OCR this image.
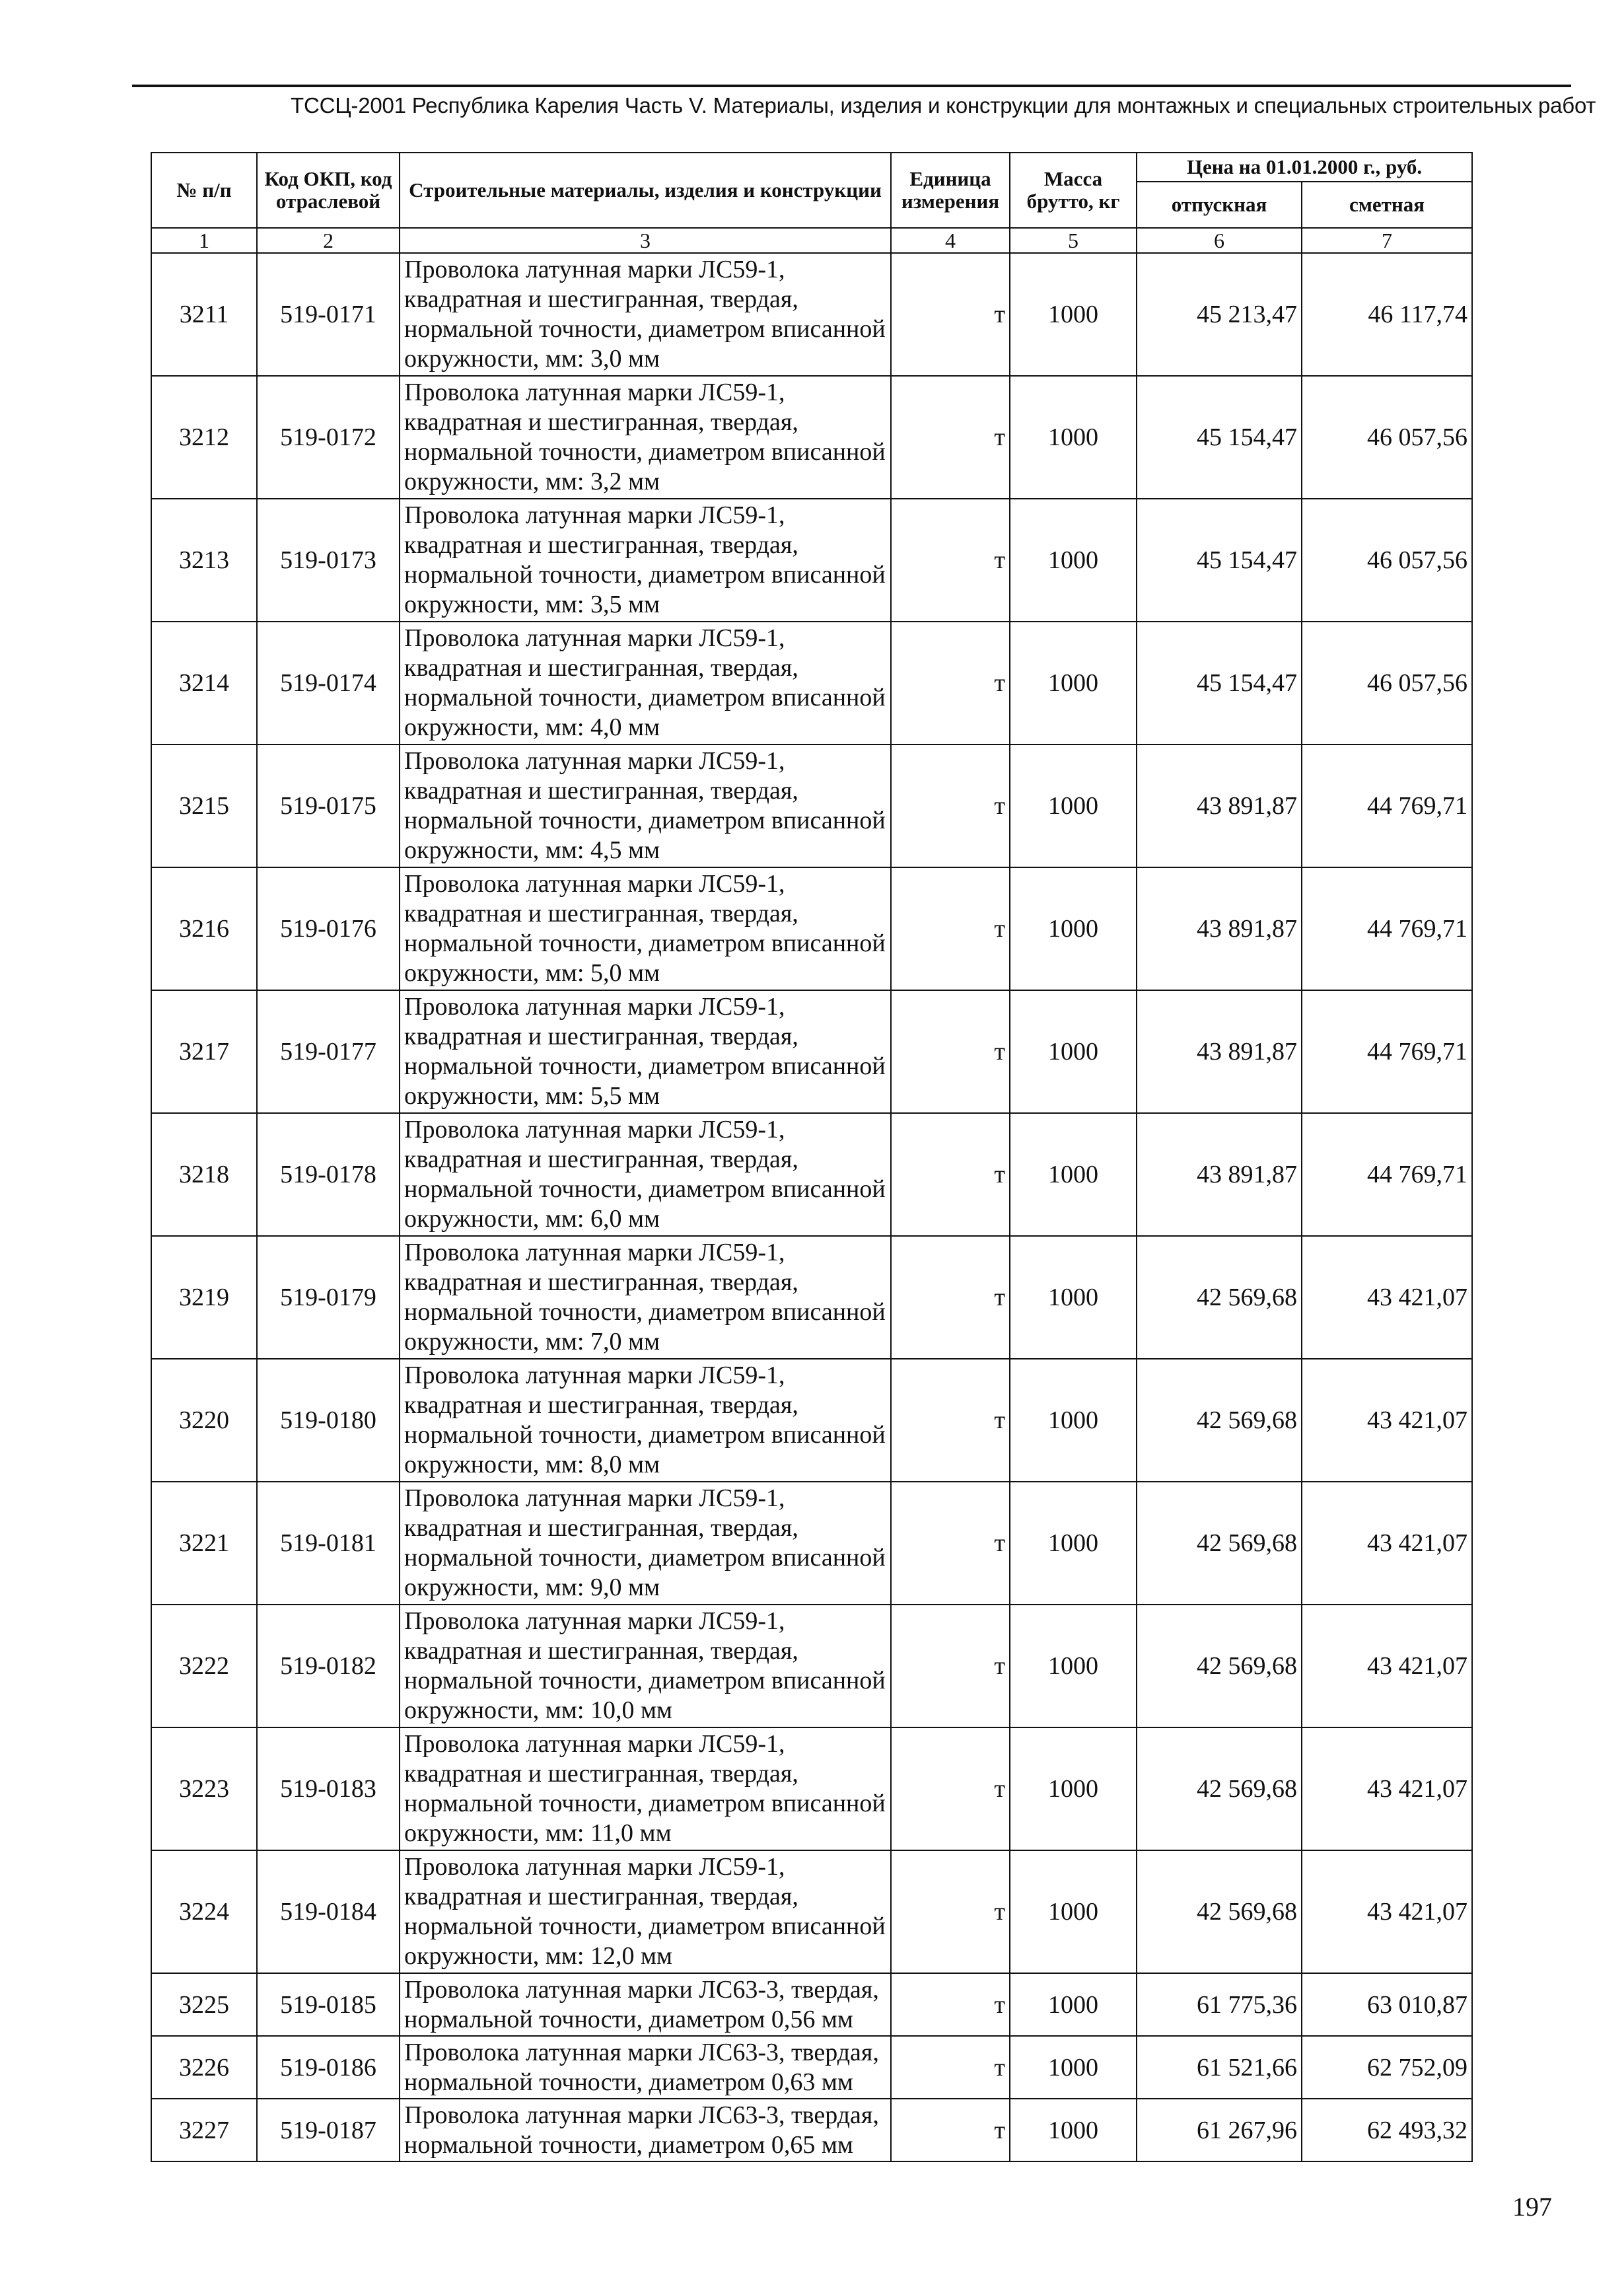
ТССЦ-2001 Республика Карелия Часть V. Материалы, изделия и конструкции для монтажных и специальных строительных работ
№ п/п	Код ОКП, код отраслевой	Строительные материалы, изделия и конструкции	Единица измерения	Масса брутто, кг	Цена на 01.01.2000 г., руб.	
					отпускная	сметная
1	2	3	4	5	6	7
3211	519-0171	Проволока латунная марки ЛС59-1, квадратная и шестигранная, твердая, нормальной точности, диаметром вписанной окружности, мм: 3,0 мм	т	1000	45 213,47	46 117,74
3212	519-0172	Проволока латунная марки ЛС59-1, квадратная и шестигранная, твердая, нормальной точности, диаметром вписанной окружности, мм: 3,2 мм	т	1000	45 154,47	46 057,56
3213	519-0173	Проволока латунная марки ЛС59-1, квадратная и шестигранная, твердая, нормальной точности, диаметром вписанной окружности, мм: 3,5 мм	т	1000	45 154,47	46 057,56
3214	519-0174	Проволока латунная марки ЛС59-1, квадратная и шестигранная, твердая, нормальной точности, диаметром вписанной окружности, мм: 4,0 мм	т	1000	45 154,47	46 057,56
3215	519-0175	Проволока латунная марки ЛС59-1, квадратная и шестигранная, твердая, нормальной точности, диаметром вписанной окружности, мм: 4,5 мм	т	1000	43 891,87	44 769,71
3216	519-0176	Проволока латунная марки ЛС59-1, квадратная и шестигранная, твердая, нормальной точности, диаметром вписанной окружности, мм: 5,0 мм	т	1000	43 891,87	44 769,71
3217	519-0177	Проволока латунная марки ЛС59-1, квадратная и шестигранная, твердая, нормальной точности, диаметром вписанной окружности, мм: 5,5 мм	т	1000	43 891,87	44 769,71
3218	519-0178	Проволока латунная марки ЛС59-1, квадратная и шестигранная, твердая, нормальной точности, диаметром вписанной окружности, мм: 6,0 мм	т	1000	43 891,87	44 769,71
3219	519-0179	Проволока латунная марки ЛС59-1, квадратная и шестигранная, твердая, нормальной точности, диаметром вписанной окружности, мм: 7,0 мм	т	1000	42 569,68	43 421,07
3220	519-0180	Проволока латунная марки ЛС59-1, квадратная и шестигранная, твердая, нормальной точности, диаметром вписанной окружности, мм: 8,0 мм	т	1000	42 569,68	43 421,07
3221	519-0181	Проволока латунная марки ЛС59-1, квадратная и шестигранная, твердая, нормальной точности, диаметром вписанной окружности, мм: 9,0 мм	т	1000	42 569,68	43 421,07
3222	519-0182	Проволока латунная марки ЛС59-1, квадратная и шестигранная, твердая, нормальной точности, диаметром вписанной окружности, мм: 10,0 мм	т	1000	42 569,68	43 421,07
3223	519-0183	Проволока латунная марки ЛС59-1, квадратная и шестигранная, твердая, нормальной точности, диаметром вписанной окружности, мм: 11,0 мм	т	1000	42 569,68	43 421,07
3224	519-0184	Проволока латунная марки ЛС59-1, квадратная и шестигранная, твердая, нормальной точности, диаметром вписанной окружности, мм: 12,0 мм	т	1000	42 569,68	43 421,07
3225	519-0185	Проволока латунная марки ЛС63-3, твердая, нормальной точности, диаметром 0,56 мм	т	1000	61 775,36	63 010,87
3226	519-0186	Проволока латунная марки ЛС63-3, твердая, нормальной точности, диаметром 0,63 мм	т	1000	61 521,66	62 752,09
3227	519-0187	Проволока латунная марки ЛС63-3, твердая, нормальной точности, диаметром 0,65 мм	т	1000	61 267,96	62 493,32
197
